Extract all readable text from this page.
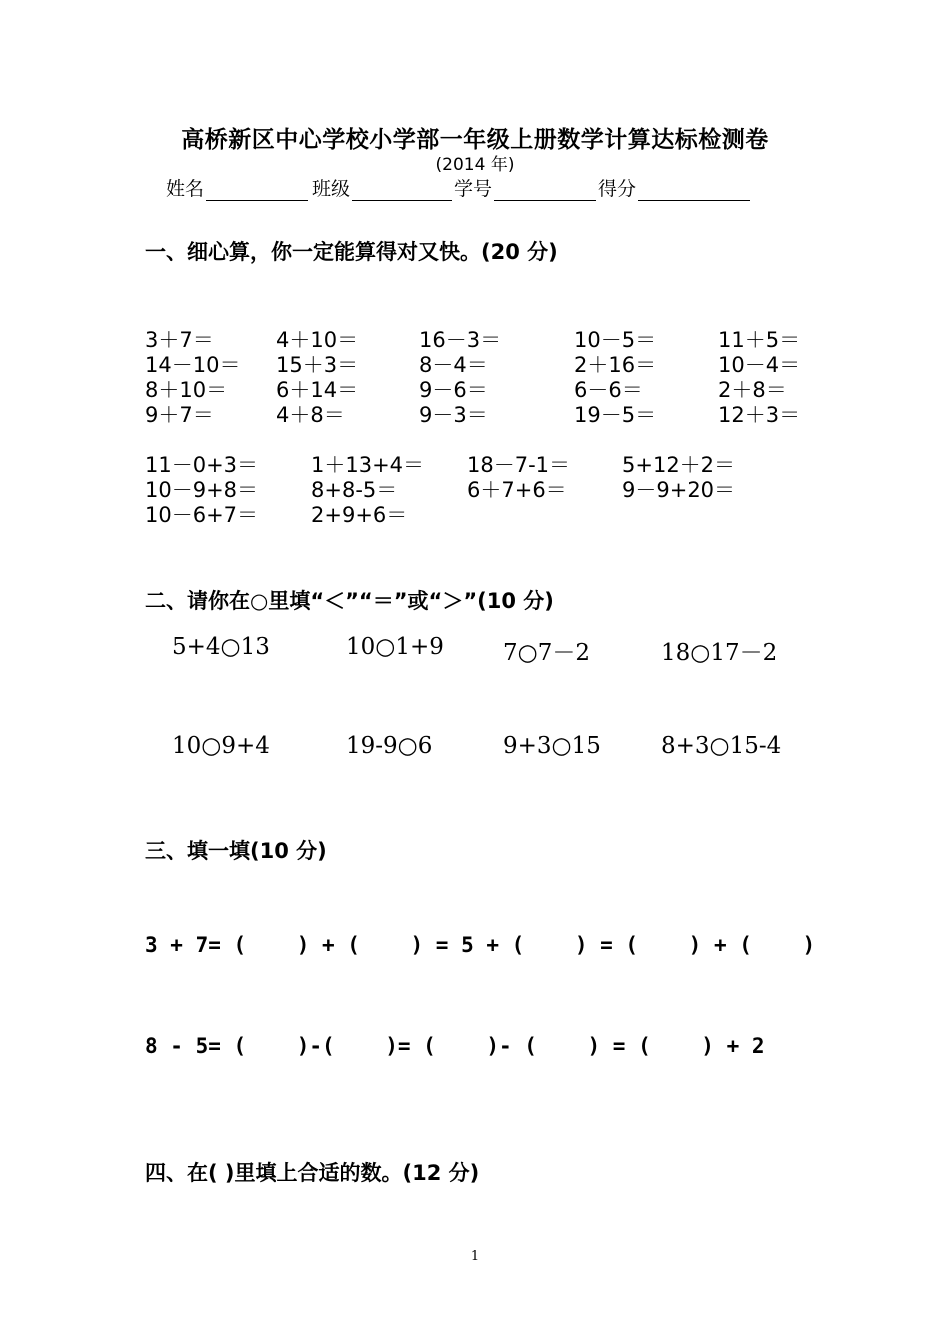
高桥新区中心学校小学部一年级上册数学计算达标检测卷
(2014 年)
姓名	班级	学号	得分
一、细心算，你一定能算得对又快。(20 分)
3＋7＝	4＋10＝	16－3＝	10－5＝	11＋5＝
14－10＝ 15＋3＝	8－4＝	2＋16＝	10－4＝
8＋10＝ 6＋14＝	9－6＝	6－6＝	2＋8＝
9＋7＝	4＋8＝	9－3＝	19－5＝	12＋3＝
11－0+3＝	1＋13+4＝ 18－7-1＝ 5+12＋2＝
10－9+8＝	8+8-5＝	6＋7+6＝	9－9+20＝
10－6+7＝	2+9+6＝
二、请你在○里填“＜”“＝”或“＞”(10 分)
5+4○13	10○1+9	7○7－2	18○17－2
10○9+4	19-9○6	9+3○15	8+3○15-4
三、填一填(10 分)
3 + 7= (    ) + (    ) = 5 + (    ) = (    ) + (    )
8 - 5= (    )-(    )= (    )- (    ) = (    ) + 2
四、在( )里填上合适的数。(12 分)
1
